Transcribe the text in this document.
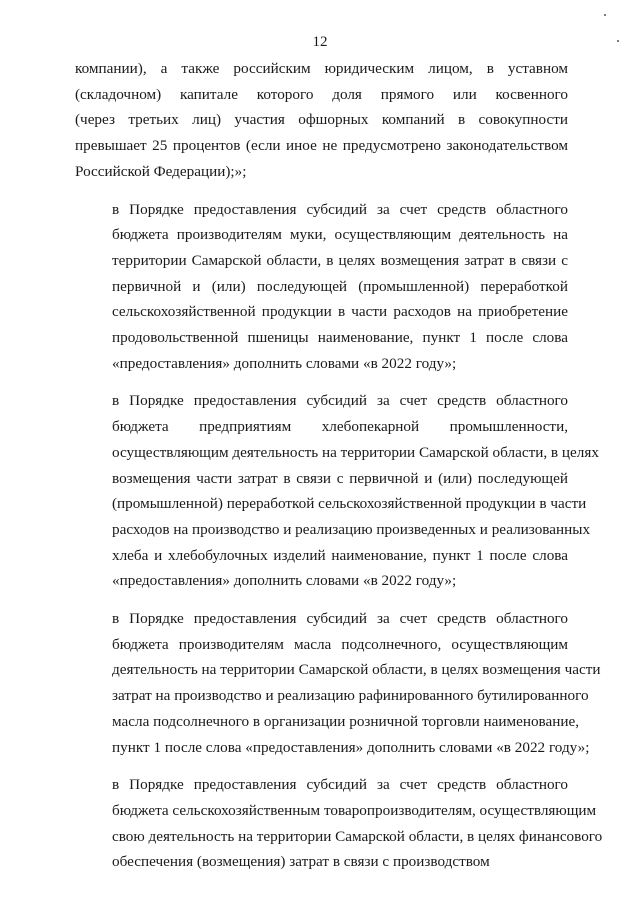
12

компании), а также российским юридическим лицом, в уставном
(складочном) капитале которого доля прямого или косвенного
(через третьих лиц) участия офшорных компаний в совокупности
превышает 25 процентов (если иное не предусмотрено законодательством
Российской Федерации);»;

в Порядке предоставления субсидий за счет средств областного
бюджета производителям муки, осуществляющим деятельность на
территории Самарской области, в целях возмещения затрат в связи с
первичной и (или) последующей (промышленной) переработкой
сельскохозяйственной продукции в части расходов на приобретение
продовольственной пшеницы наименование, пункт 1 после слова
«предоставления» дополнить словами «в 2022 году»;

в Порядке предоставления субсидий за счет средств областного
бюджета предприятиям хлебопекарной промышленности,
осуществляющим деятельность на территории Самарской области, в целях
возмещения части затрат в связи с первичной и (или) последующей
(промышленной) переработкой сельскохозяйственной продукции в части
расходов на производство и реализацию произведенных и реализованных
хлеба и хлебобулочных изделий наименование, пункт 1 после слова
«предоставления» дополнить словами «в 2022 году»;

в Порядке предоставления субсидий за счет средств областного
бюджета производителям масла подсолнечного, осуществляющим
деятельность на территории Самарской области, в целях возмещения части
затрат на производство и реализацию рафинированного бутилированного
масла подсолнечного в организации розничной торговли наименование,
пункт 1 после слова «предоставления» дополнить словами «в 2022 году»;

в Порядке предоставления субсидий за счет средств областного
бюджета сельскохозяйственным товаропроизводителям, осуществляющим
свою деятельность на территории Самарской области, в целях финансового
обеспечения (возмещения) затрат в связи с производством
